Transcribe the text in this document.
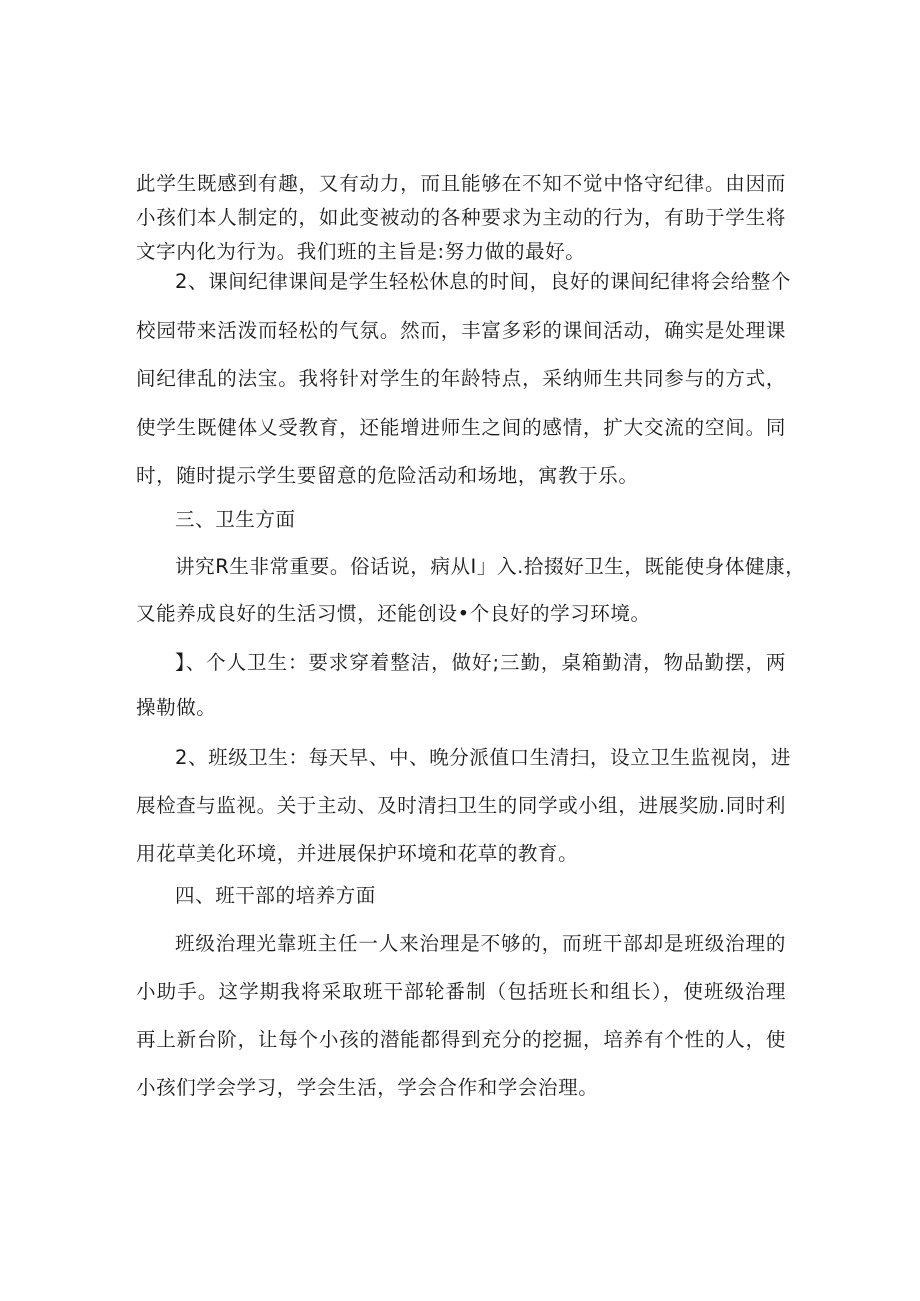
此学生既感到有趣，又有动力，而且能够在不知不觉中恪守纪律。由因而
小孩们本人制定的，如此变被动的各种要求为主动的行为，有助于学生将
文字内化为行为。我们班的主旨是:努力做的最好。
2、课间纪律课间是学生轻松休息的时间，良好的课间纪律将会给整个
校园带来活泼而轻松的气氛。然而，丰富多彩的课间活动，确实是处理课
间纪律乱的法宝。我将针对学生的年龄特点，采纳师生共同参与的方式，
使学生既健体乂受教育，还能增进师生之间的感情，扩大交流的空间。同
时，随时提示学生要留意的危险活动和场地，寓教于乐。
三、卫生方面
讲究R生非常重要。俗话说，病从I」入.拾掇好卫生，既能使身体健康，
又能养成良好的生活习惯，还能创设•个良好的学习环境。
】、个人卫生：要求穿着整洁，做好;三勤，桌箱勤清，物品勤摆，两
操勒做。
2、班级卫生：每天早、中、晚分派值口生清扫，设立卫生监视岗，进
展检查与监视。关于主动、及时清扫卫生的同学或小组，进展奖励.同时利
用花草美化环境，并进展保护环境和花草的教育。
四、班干部的培养方面
班级治理光靠班主任一人来治理是不够的，而班干部却是班级治理的
小助手。这学期我将采取班干部轮番制（包括班长和组长），使班级治理
再上新台阶，让每个小孩的潜能都得到充分的挖掘，培养有个性的人，使
小孩们学会学习，学会生活，学会合作和学会治理。
